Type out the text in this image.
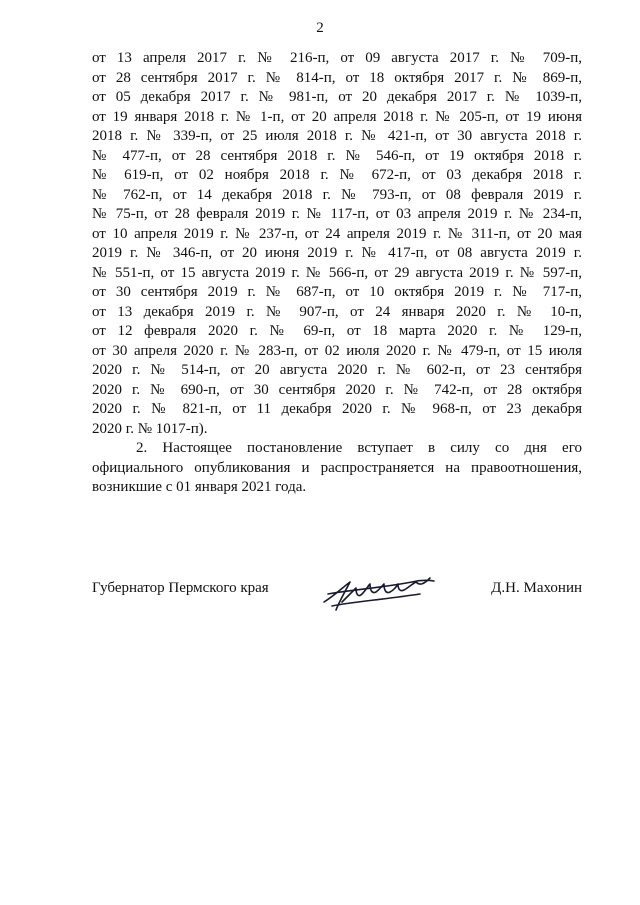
2
от 13 апреля 2017 г. № 216-п, от 09 августа 2017 г. № 709-п,
от 28 сентября 2017 г. № 814-п, от 18 октября 2017 г. № 869-п,
от 05 декабря 2017 г. № 981-п, от 20 декабря 2017 г. № 1039-п,
от 19 января 2018 г. № 1-п, от 20 апреля 2018 г. № 205-п, от 19 июня
2018 г. № 339-п, от 25 июля 2018 г. № 421-п, от 30 августа 2018 г.
№ 477-п, от 28 сентября 2018 г. № 546-п, от 19 октября 2018 г.
№ 619-п, от 02 ноября 2018 г. № 672-п, от 03 декабря 2018 г.
№ 762-п, от 14 декабря 2018 г. № 793-п, от 08 февраля 2019 г.
№ 75-п, от 28 февраля 2019 г. № 117-п, от 03 апреля 2019 г. № 234-п,
от 10 апреля 2019 г. № 237-п, от 24 апреля 2019 г. № 311-п, от 20 мая
2019 г. № 346-п, от 20 июня 2019 г. № 417-п, от 08 августа 2019 г.
№ 551-п, от 15 августа 2019 г. № 566-п, от 29 августа 2019 г. № 597-п,
от 30 сентября 2019 г. № 687-п, от 10 октября 2019 г. № 717-п,
от 13 декабря 2019 г. № 907-п, от 24 января 2020 г. № 10-п,
от 12 февраля 2020 г. № 69-п, от 18 марта 2020 г. № 129-п,
от 30 апреля 2020 г. № 283-п, от 02 июля 2020 г. № 479-п, от 15 июля
2020 г. № 514-п, от 20 августа 2020 г. № 602-п, от 23 сентября
2020 г. № 690-п, от 30 сентября 2020 г. № 742-п, от 28 октября
2020 г. № 821-п, от 11 декабря 2020 г. № 968-п, от 23 декабря
2020 г. № 1017-п).
2. Настоящее постановление вступает в силу со дня его
официального опубликования и распространяется на правоотношения,
возникшие с 01 января 2021 года.
Губернатор Пермского края	Д.Н. Махонин
